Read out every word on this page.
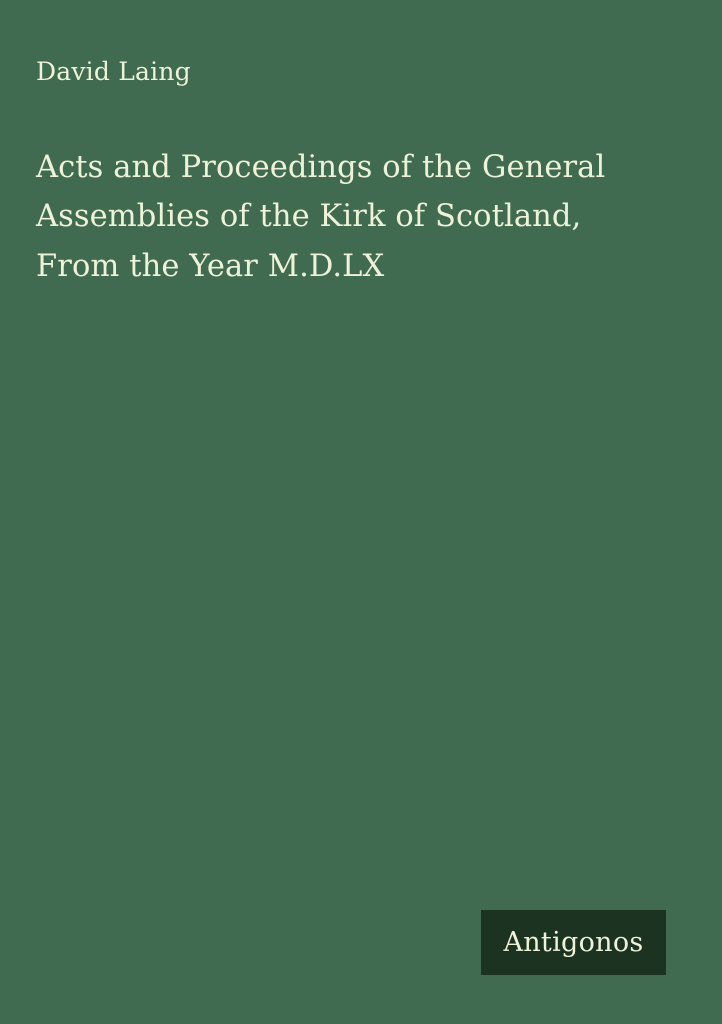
David Laing
Acts and Proceedings of the General Assemblies of the Kirk of Scotland, From the Year M.D.LX
Antigonos
